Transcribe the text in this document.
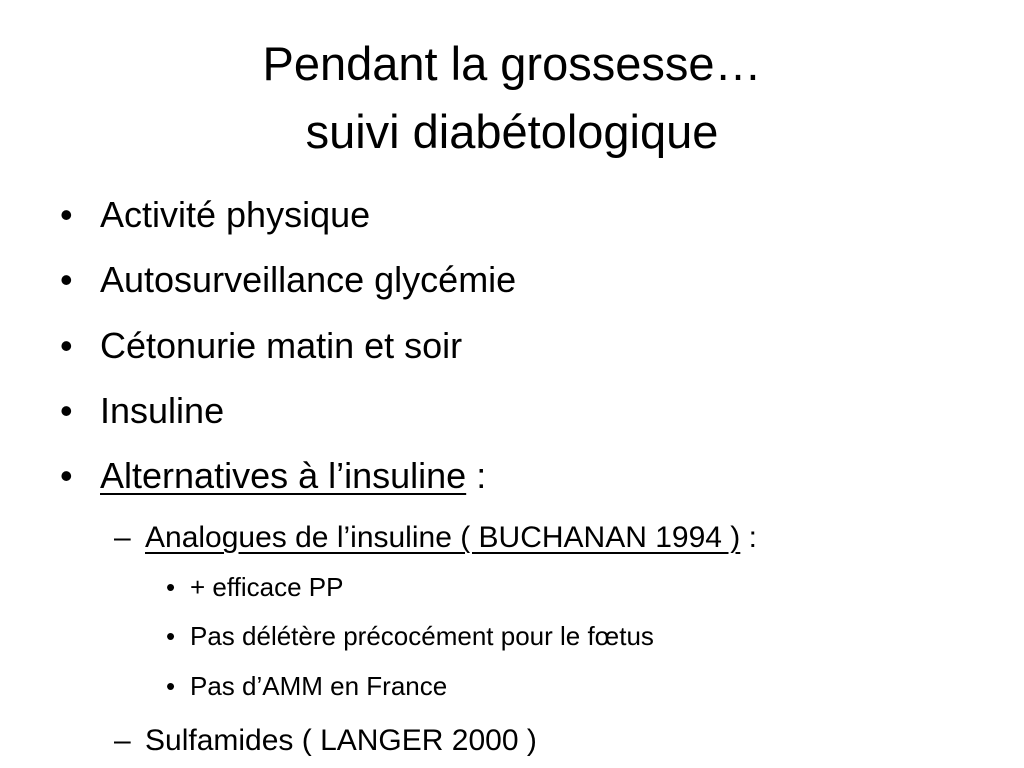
Pendant la grossesse…
suivi diabétologique
• Activité physique
• Autosurveillance glycémie
• Cétonurie matin et soir
• Insuline
• Alternatives à l’insuline :
– Analogues de l’insuline ( BUCHANAN 1994 ) :
• + efficace PP
• Pas délétère précocément pour le fœtus
• Pas d’AMM en France
– Sulfamides ( LANGER 2000 )
